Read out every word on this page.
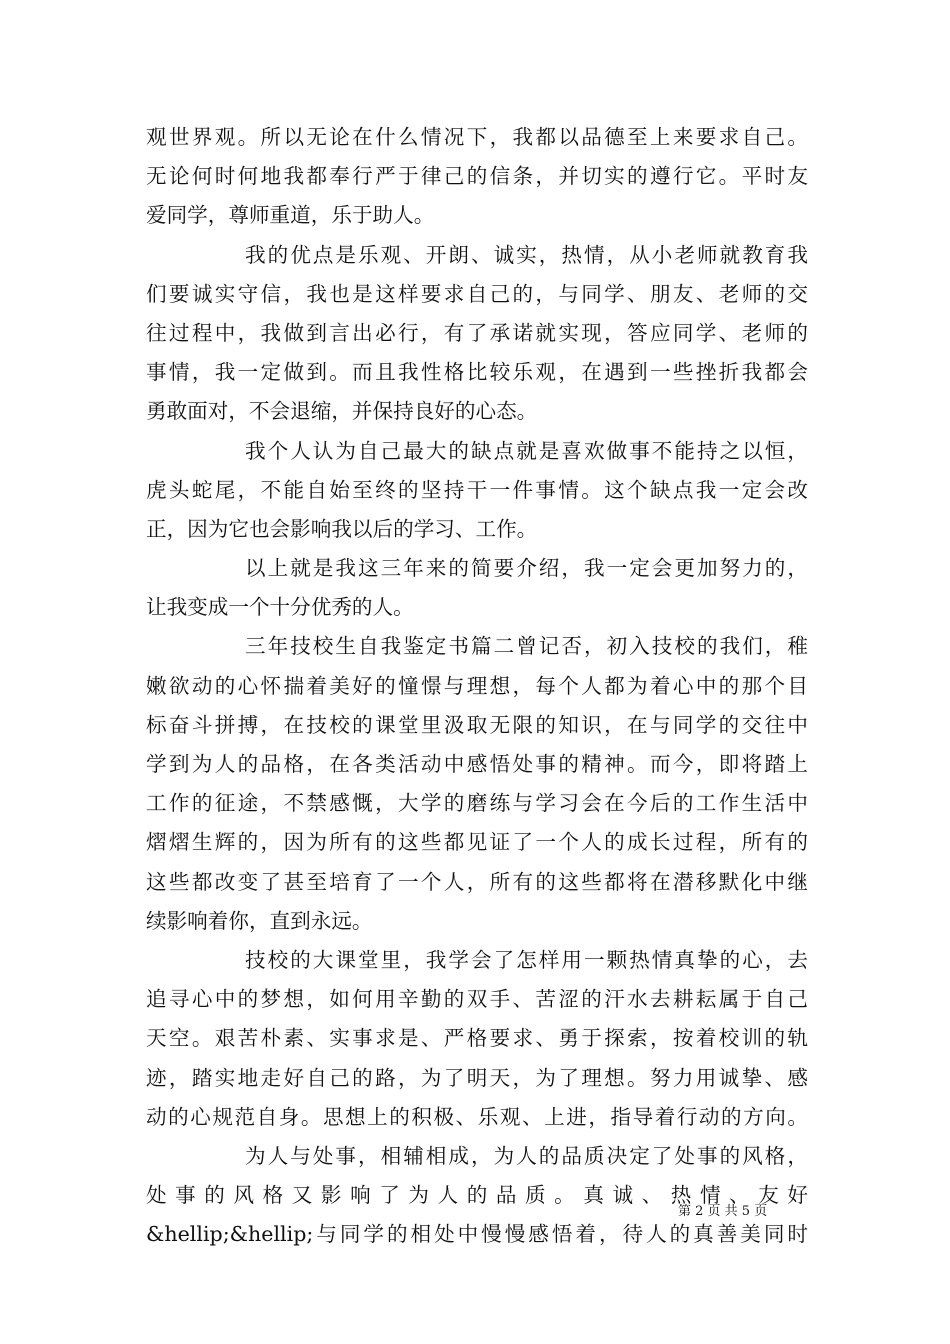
观世界观。所以无论在什么情况下，我都以品德至上来要求自己。
无论何时何地我都奉行严于律己的信条，并切实的遵行它。平时友
爱同学，尊师重道，乐于助人。
我的优点是乐观、开朗、诚实，热情，从小老师就教育我
们要诚实守信，我也是这样要求自己的，与同学、朋友、老师的交
往过程中，我做到言出必行，有了承诺就实现，答应同学、老师的
事情，我一定做到。而且我性格比较乐观，在遇到一些挫折我都会
勇敢面对，不会退缩，并保持良好的心态。
我个人认为自己最大的缺点就是喜欢做事不能持之以恒，
虎头蛇尾，不能自始至终的坚持干一件事情。这个缺点我一定会改
正，因为它也会影响我以后的学习、工作。
以上就是我这三年来的简要介绍，我一定会更加努力的，
让我变成一个十分优秀的人。
三年技校生自我鉴定书篇二曾记否，初入技校的我们，稚
嫩欲动的心怀揣着美好的憧憬与理想，每个人都为着心中的那个目
标奋斗拼搏，在技校的课堂里汲取无限的知识，在与同学的交往中
学到为人的品格，在各类活动中感悟处事的精神。而今，即将踏上
工作的征途，不禁感慨，大学的磨练与学习会在今后的工作生活中
熠熠生辉的，因为所有的这些都见证了一个人的成长过程，所有的
这些都改变了甚至培育了一个人，所有的这些都将在潜移默化中继
续影响着你，直到永远。
技校的大课堂里，我学会了怎样用一颗热情真挚的心，去
追寻心中的梦想，如何用辛勤的双手、苦涩的汗水去耕耘属于自己
天空。艰苦朴素、实事求是、严格要求、勇于探索，按着校训的轨
迹，踏实地走好自己的路，为了明天，为了理想。努力用诚挚、感
动的心规范自身。思想上的积极、乐观、上进，指导着行动的方向。
为人与处事，相辅相成，为人的品质决定了处事的风格，
处事的风格又影响了为人的品质。真诚、热情、友好
&hellip;&hellip;与同学的相处中慢慢感悟着，待人的真善美同时
第 2 页 共 5 页
